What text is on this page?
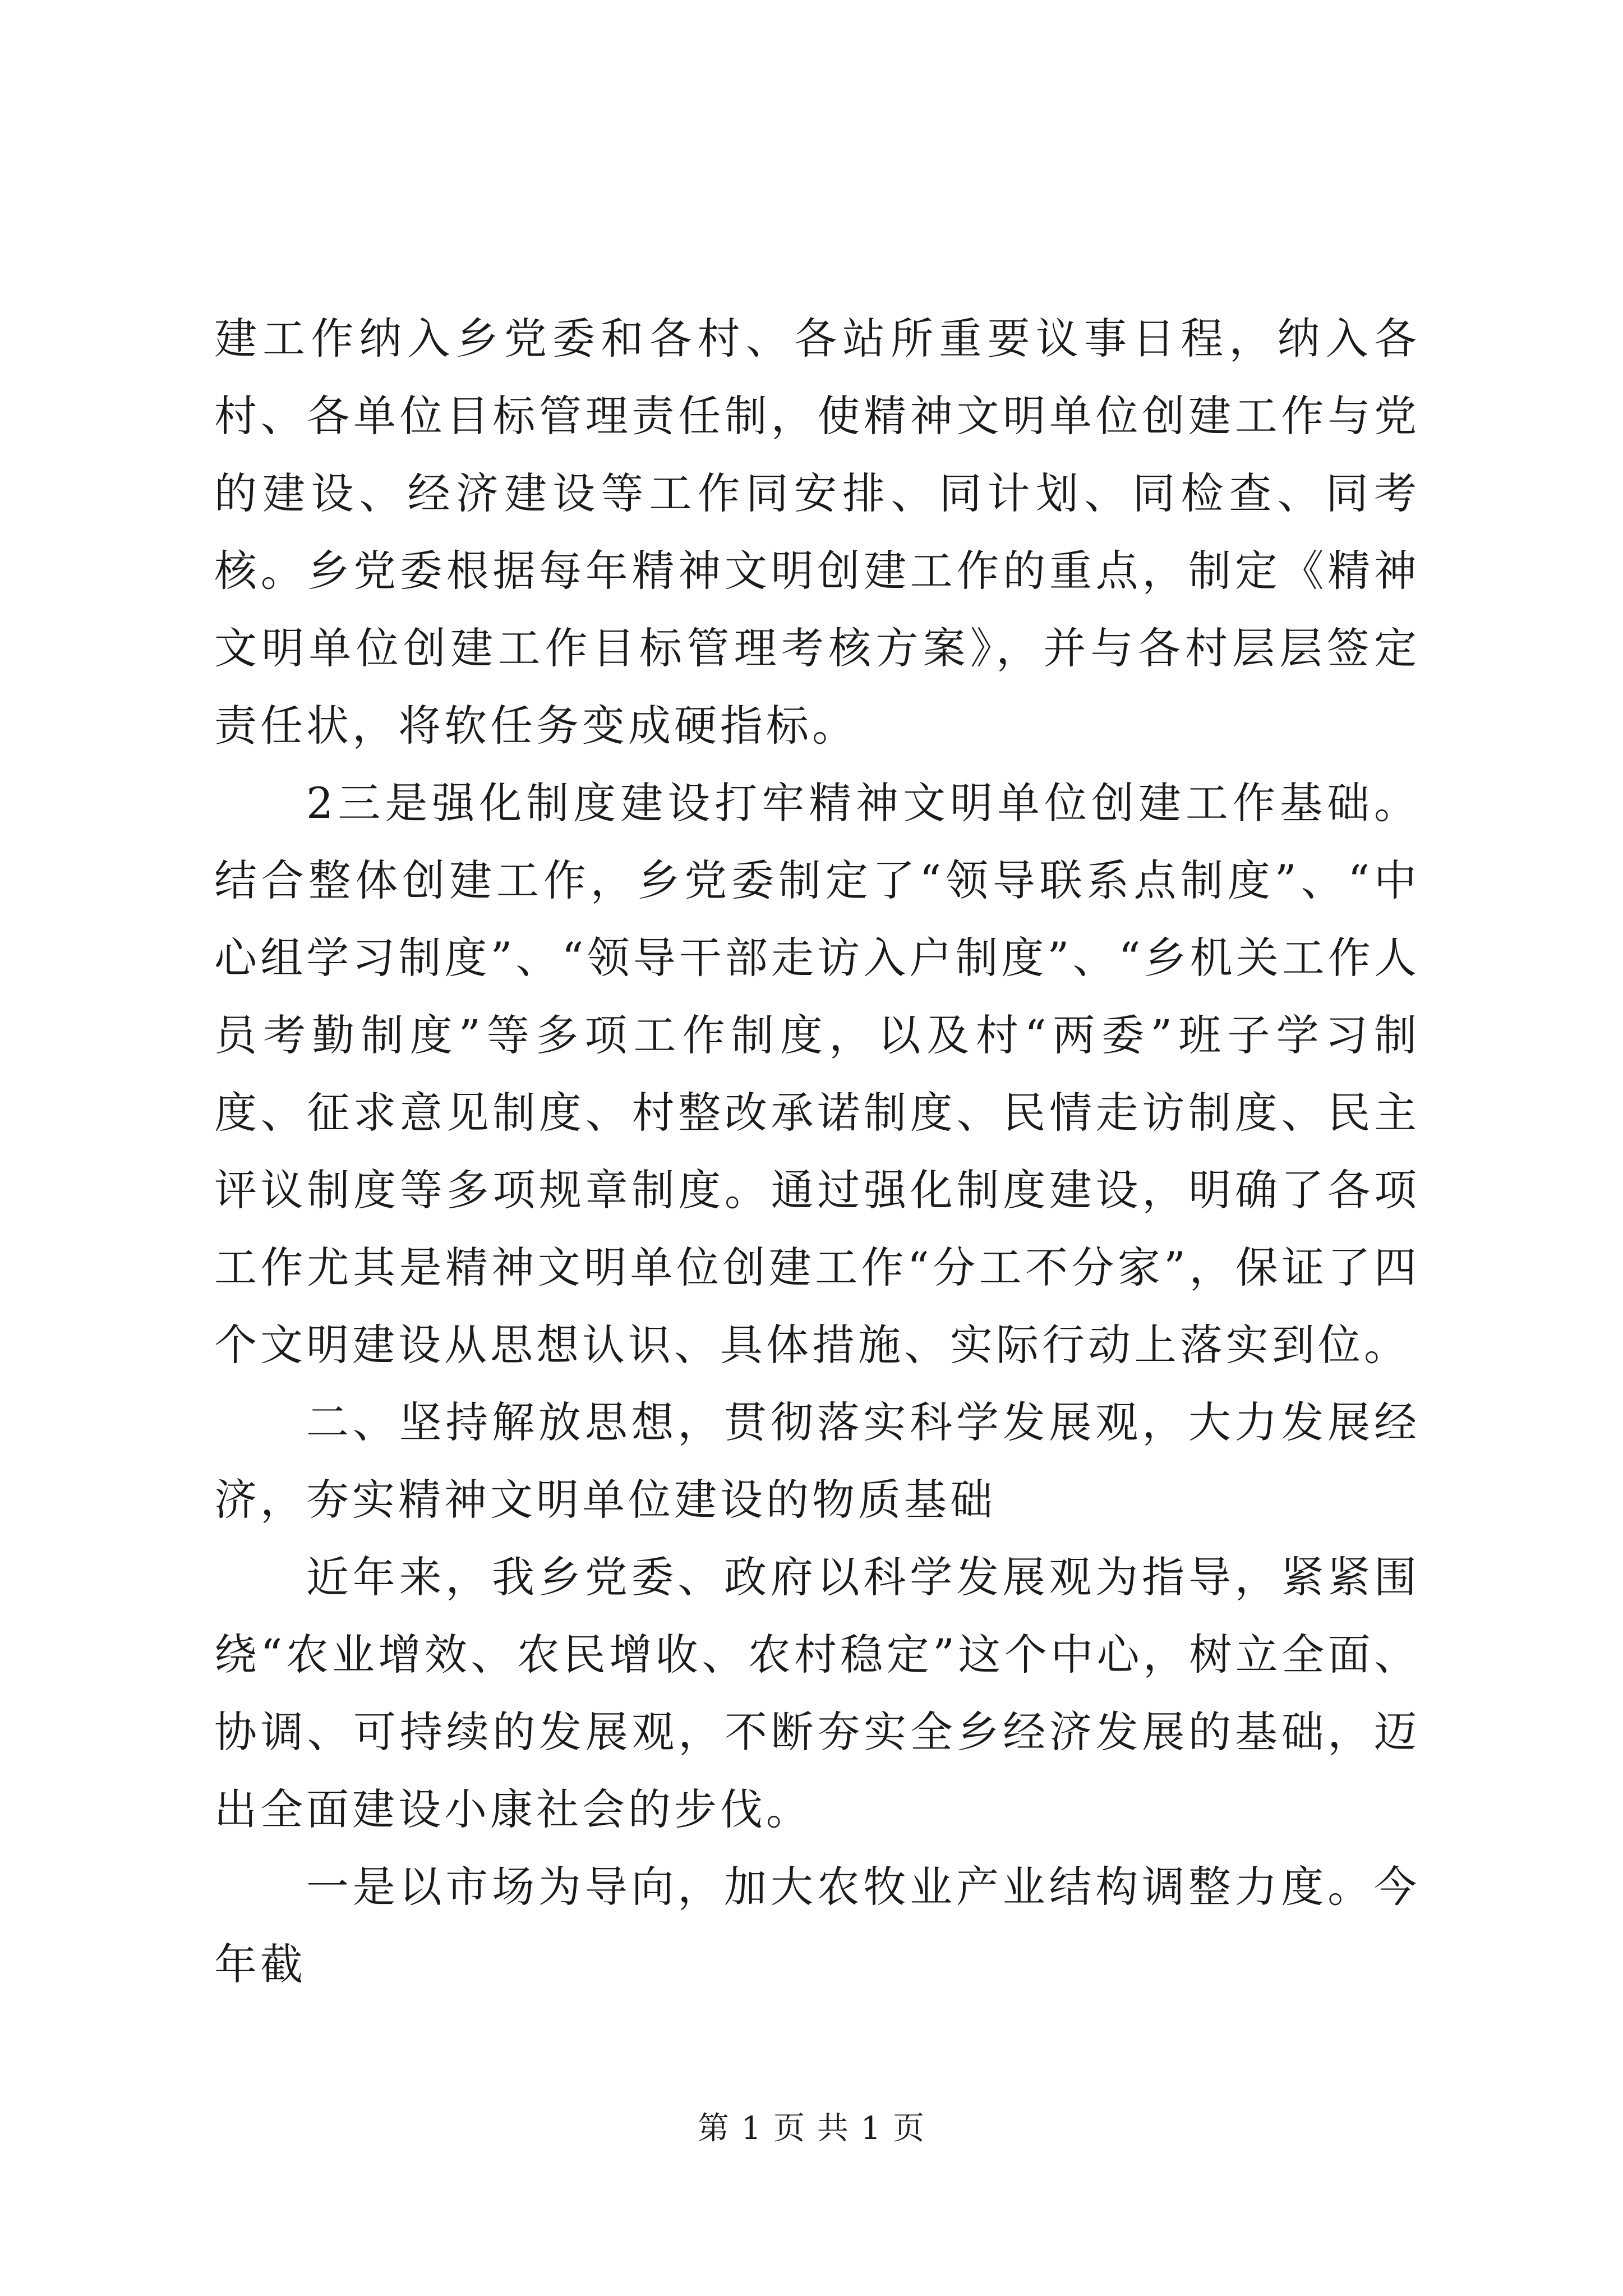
建工作纳入乡党委和各村、各站所重要议事日程，纳入各村、各单位目标管理责任制，使精神文明单位创建工作与党的建设、经济建设等工作同安排、同计划、同检查、同考核。乡党委根据每年精神文明创建工作的重点，制定《精神文明单位创建工作目标管理考核方案》，并与各村层层签定责任状，将软任务变成硬指标。

2三是强化制度建设打牢精神文明单位创建工作基础。结合整体创建工作，乡党委制定了“领导联系点制度”、“中心组学习制度”、“领导干部走访入户制度”、“乡机关工作人员考勤制度”等多项工作制度，以及村“两委”班子学习制度、征求意见制度、村整改承诺制度、民情走访制度、民主评议制度等多项规章制度。通过强化制度建设，明确了各项工作尤其是精神文明单位创建工作“分工不分家”，保证了四个文明建设从思想认识、具体措施、实际行动上落实到位。

二、坚持解放思想，贯彻落实科学发展观，大力发展经济，夯实精神文明单位建设的物质基础

近年来，我乡党委、政府以科学发展观为指导，紧紧围绕“农业增效、农民增收、农村稳定”这个中心，树立全面、协调、可持续的发展观，不断夯实全乡经济发展的基础，迈出全面建设小康社会的步伐。

一是以市场为导向，加大农牧业产业结构调整力度。今年截

第 1 页 共 1 页
